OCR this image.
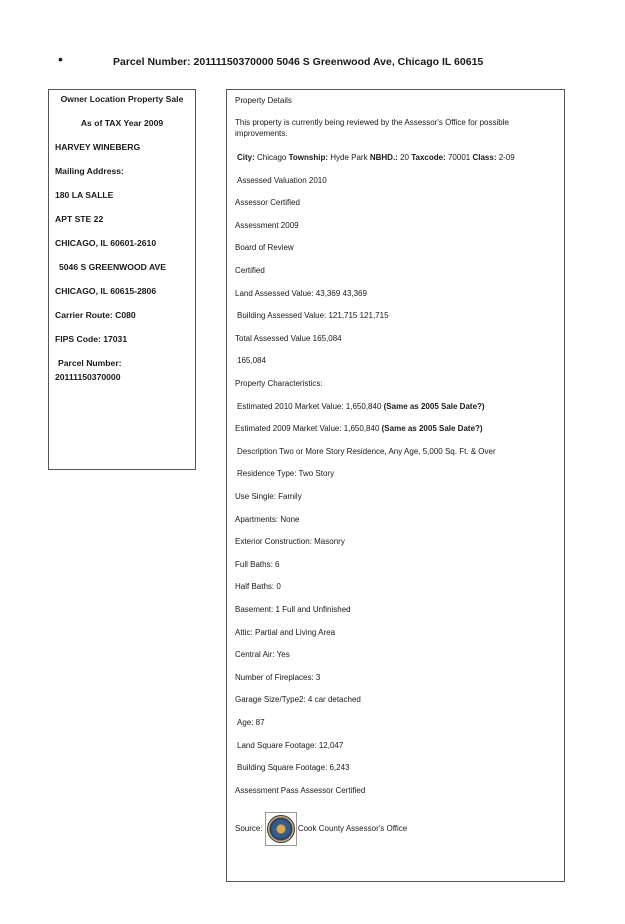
•	Parcel Number: 20111150370000 5046 S Greenwood Ave, Chicago IL 60615
Owner Location Property Sale
As of TAX Year 2009
HARVEY WINEBERG
Mailing Address:
180 LA SALLE
APT STE 22
CHICAGO, IL 60601-2610
5046 S GREENWOOD AVE
CHICAGO, IL 60615-2806
Carrier Route: C080
FIPS Code: 17031
Parcel Number:
20111150370000
Property Details
This property is currently being reviewed by the Assessor's Office for possible improvements.
City: Chicago Township: Hyde Park NBHD.: 20 Taxcode: 70001 Class: 2-09
Assessed Valuation 2010
Assessor Certified
Assessment 2009
Board of Review
Certified
Land Assessed Value: 43,369 43,369
Building Assessed Value: 121,715 121,715
Total Assessed Value 165,084
165,084
Property Characteristics:
Estimated 2010 Market Value: 1,650,840 (Same as 2005 Sale Date?)
Estimated 2009 Market Value: 1,650,840 (Same as 2005 Sale Date?)
Description Two or More Story Residence, Any Age, 5,000 Sq. Ft. & Over
Residence Type: Two Story
Use Single: Family
Apartments: None
Exterior Construction: Masonry
Full Baths: 6
Half Baths: 0
Basement: 1 Full and Unfinished
Attic: Partial and Living Area
Central Air: Yes
Number of Fireplaces: 3
Garage Size/Type2: 4 car detached
Age: 87
Land Square Footage: 12,047
Building Square Footage: 6,243
Assessment Pass Assessor Certified
Source:	Cook County Assessor's Office
